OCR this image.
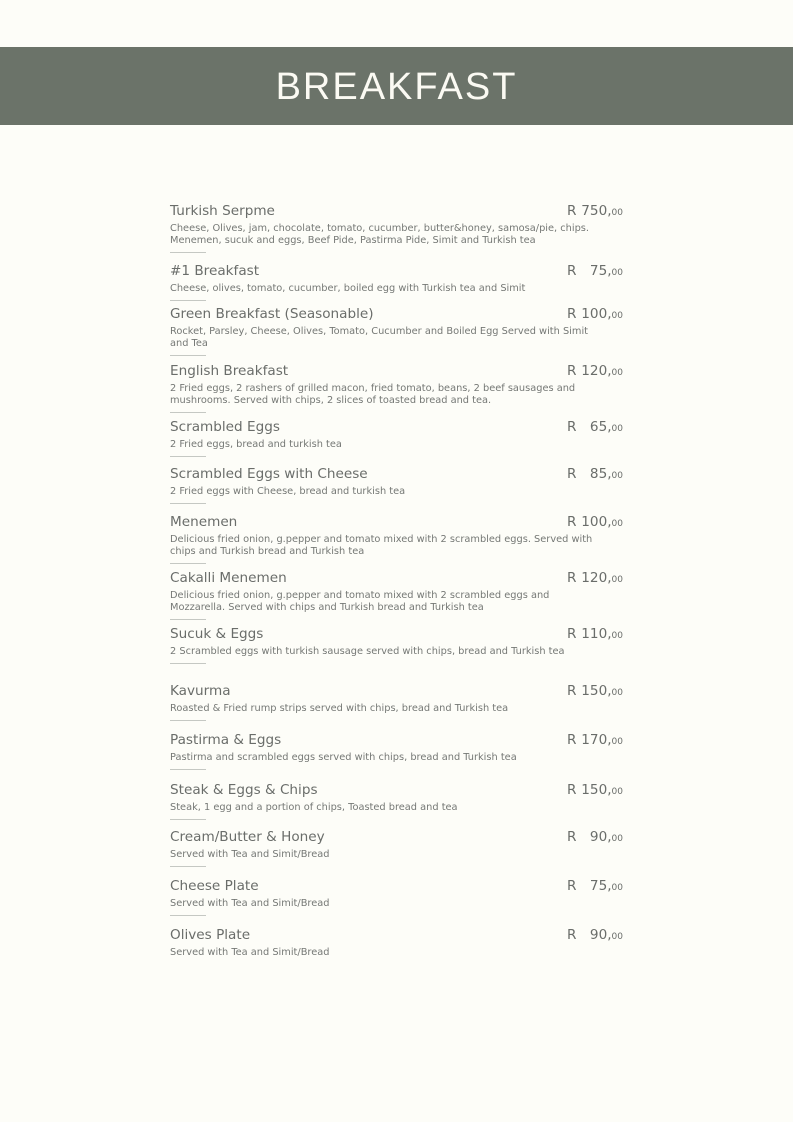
BREAKFAST
Turkish Serpme	R 750,00
Cheese, Olives, jam, chocolate, tomato, cucumber, butter&honey, samosa/pie, chips. Menemen, sucuk and eggs, Beef Pide, Pastirma Pide, Simit and Turkish tea
#1 Breakfast	R 75,00
Cheese, olives, tomato, cucumber, boiled egg with Turkish tea and Simit
Green Breakfast (Seasonable)	R 100,00
Rocket, Parsley, Cheese, Olives, Tomato, Cucumber and Boiled Egg Served with Simit and Tea
English Breakfast	R 120,00
2 Fried eggs, 2 rashers of grilled macon, fried tomato, beans, 2 beef sausages and mushrooms. Served with chips, 2 slices of toasted bread and tea.
Scrambled Eggs	R 65,00
2 Fried eggs, bread and turkish tea
Scrambled Eggs with Cheese	R 85,00
2 Fried eggs with Cheese, bread and turkish tea
Menemen	R 100,00
Delicious fried onion, g.pepper and tomato mixed with 2 scrambled eggs. Served with chips and Turkish bread and Turkish tea
Cakalli Menemen	R 120,00
Delicious fried onion, g.pepper and tomato mixed with 2 scrambled eggs and Mozzarella. Served with chips and Turkish bread and Turkish tea
Sucuk & Eggs	R 110,00
2 Scrambled eggs with turkish sausage served with chips, bread and Turkish tea
Kavurma	R 150,00
Roasted & Fried rump strips served with chips, bread and Turkish tea
Pastirma & Eggs	R 170,00
Pastirma and scrambled eggs served with chips, bread and Turkish tea
Steak & Eggs & Chips	R 150,00
Steak, 1 egg and a portion of chips, Toasted bread and tea
Cream/Butter & Honey	R 90,00
Served with Tea and Simit/Bread
Cheese Plate	R 75,00
Served with Tea and Simit/Bread
Olives Plate	R 90,00
Served with Tea and Simit/Bread
